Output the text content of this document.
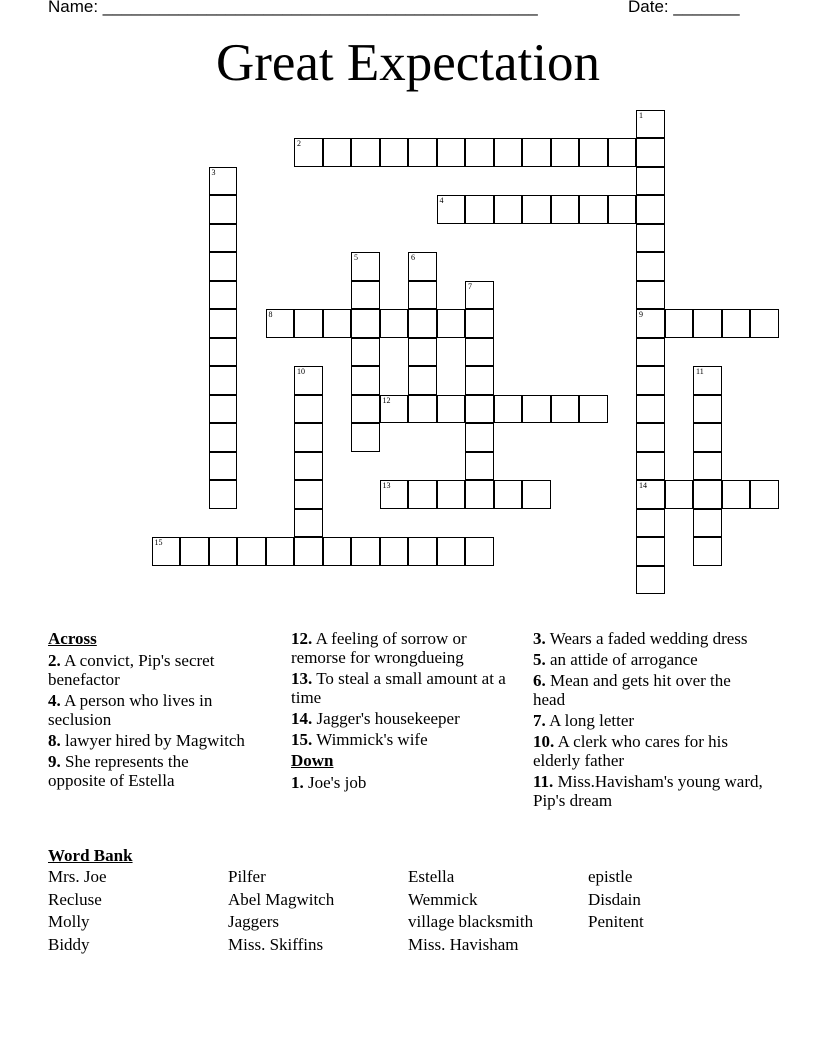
Name: ______________________________________________	Date: _______
Great Expectation
2
4
8	9
12
13	14
15
1
3
5	6
7
10	11
Across
2. A convict, Pip's secret benefactor
4. A person who lives in seclusion
8. lawyer hired by Magwitch
9. She represents the opposite of Estella
12. A feeling of sorrow or remorse for wrongdueing
13. To steal a small amount at a time
14. Jagger's housekeeper
15. Wimmick's wife
Down
1. Joe's job
3. Wears a faded wedding dress
5. an attide of arrogance
6. Mean and gets hit over the head
7. A long letter
10. A clerk who cares for his elderly father
11. Miss.Havisham's young ward, Pip's dream
Word Bank
Mrs. Joe
Recluse
Molly
Biddy
Pilfer
Abel Magwitch
Jaggers
Miss. Skiffins
Estella
Wemmick
village blacksmith
Miss. Havisham
epistle
Disdain
Penitent
